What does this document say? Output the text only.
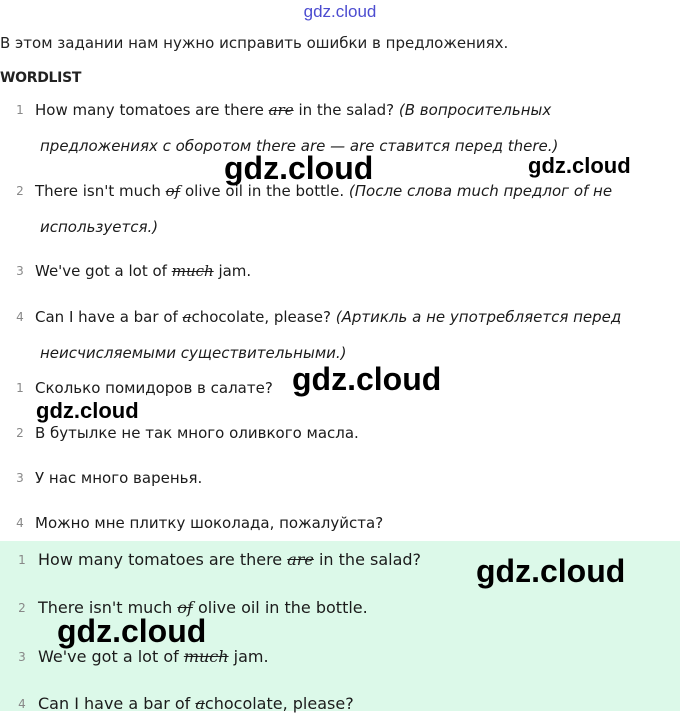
gdz.cloud
В этом задании нам нужно исправить ошибки в предложениях.
WORDLIST
1 How many tomatoes are there are in the salad? (В вопросительных
предложениях с оборотом there are — are ставится перед there.)
2 There isn't much of olive oil in the bottle. (После слова much предлог of не
используется.)
3 We've got a lot of much jam.
4 Can I have a bar of achocolate, please? (Артикль a не употребляется перед
неисчисляемыми существительными.)
1 Сколько помидоров в салате?
2 В бутылке не так много оливкого масла.
3 У нас много варенья.
4 Можно мне плитку шоколада, пожалуйста?
1 How many tomatoes are there are in the salad?
2 There isn't much of olive oil in the bottle.
3 We've got a lot of much jam.
4 Can I have a bar of achocolate, please?
gdz.cloud	gdz.cloud
gdz.cloud
gdz.cloud
gdz.cloud
gdz.cloud
